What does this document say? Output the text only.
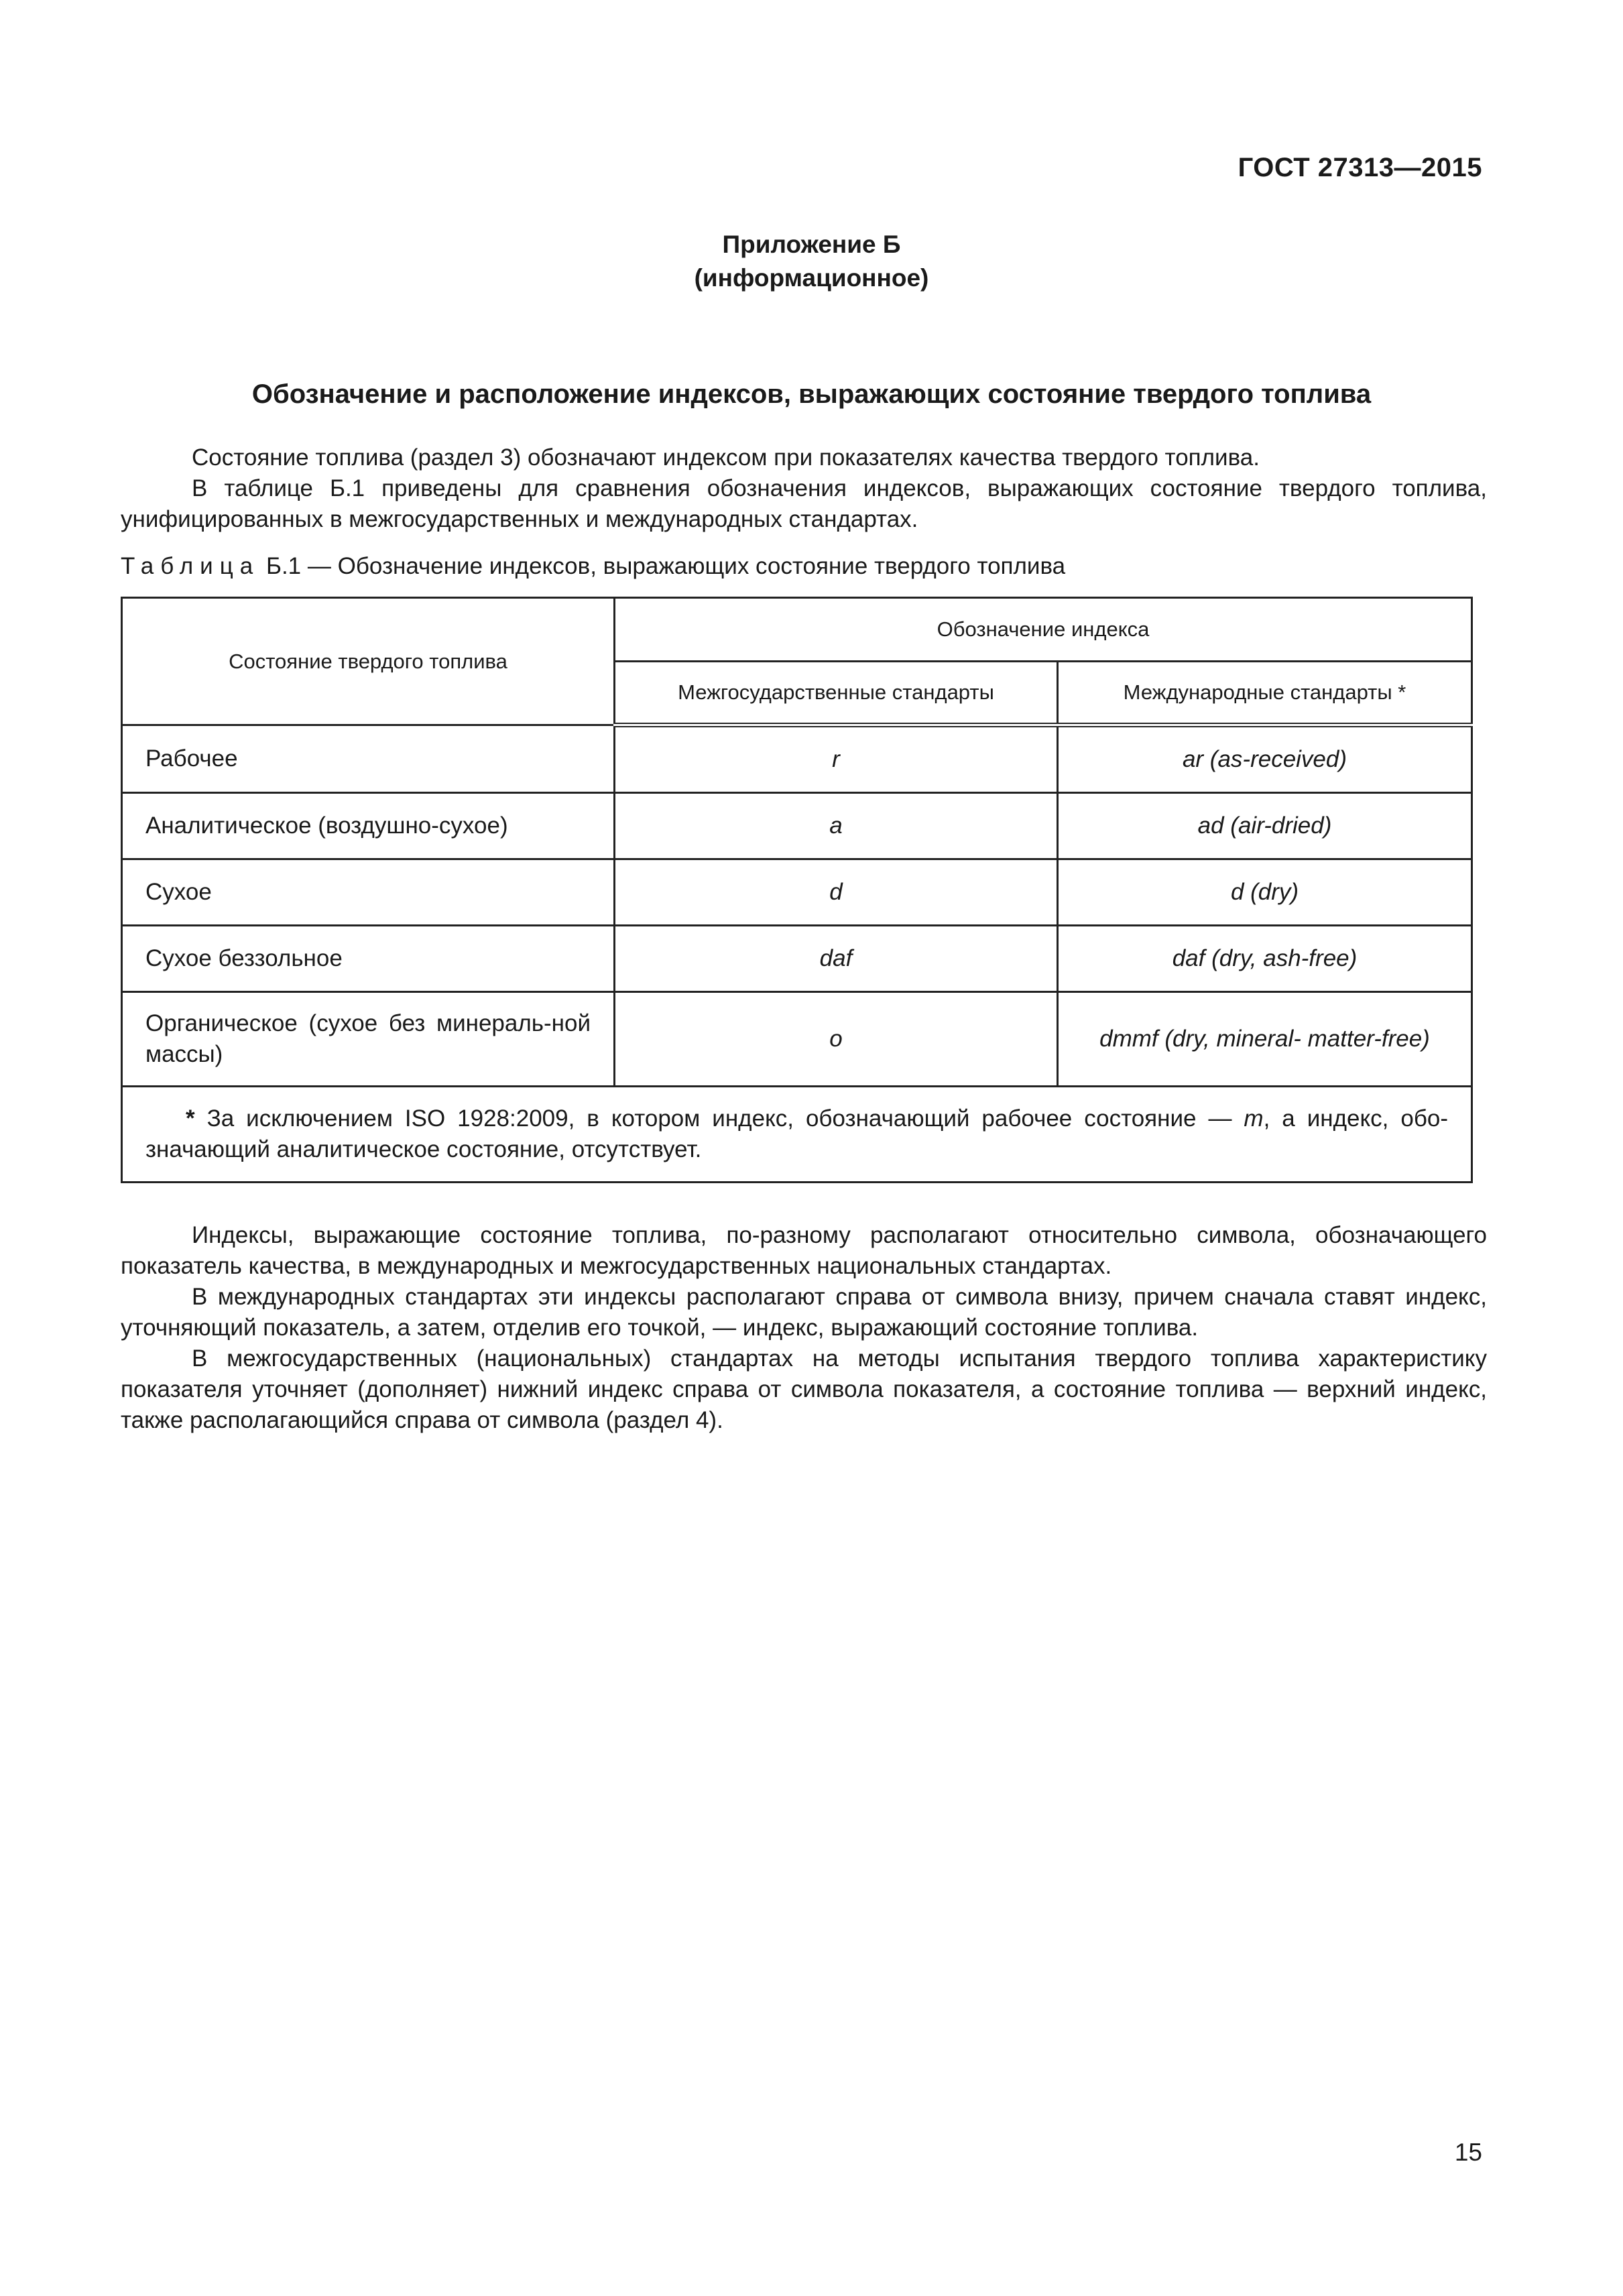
ГОСТ 27313—2015
Приложение Б
(информационное)
Обозначение и расположение индексов, выражающих состояние твердого топлива

Состояние топлива (раздел 3) обозначают индексом при показателях качества твердого топлива.

В таблице Б.1 приведены для сравнения обозначения индексов, выражающих состояние твердого топлива, унифицированных в межгосударственных и международных стандартах.

Таблица Б.1 — Обозначение индексов, выражающих состояние твердого топлива
Состояние твердого топлива	Обозначение индекса	
	Межгосударственные стандарты	Международные стандарты *
Рабочее	r	ar (as-received)
Аналитическое (воздушно-сухое)	a	ad (air-dried)
Сухое	d	d (dry)
Сухое беззольное	daf	daf (dry, ash-free)
Органическое (сухое без минераль-ной массы)	o	dmmf (dry, mineral- matter-free)

* За исключением ISO 1928:2009, в котором индекс, обозначающий рабочее состояние — m, а индекс, обо-значающий аналитическое состояние, отсутствует.		

Индексы, выражающие состояние топлива, по-разному располагают относительно символа, обозначающего показатель качества, в международных и межгосударственных национальных стандартах.

В международных стандартах эти индексы располагают справа от символа внизу, причем сначала ставят индекс, уточняющий показатель, а затем, отделив его точкой, — индекс, выражающий состояние топлива.

В межгосударственных (национальных) стандартах на методы испытания твердого топлива характеристику показателя уточняет (дополняет) нижний индекс справа от символа показателя, а состояние топлива — верхний индекс, также располагающийся справа от символа (раздел 4).

15
